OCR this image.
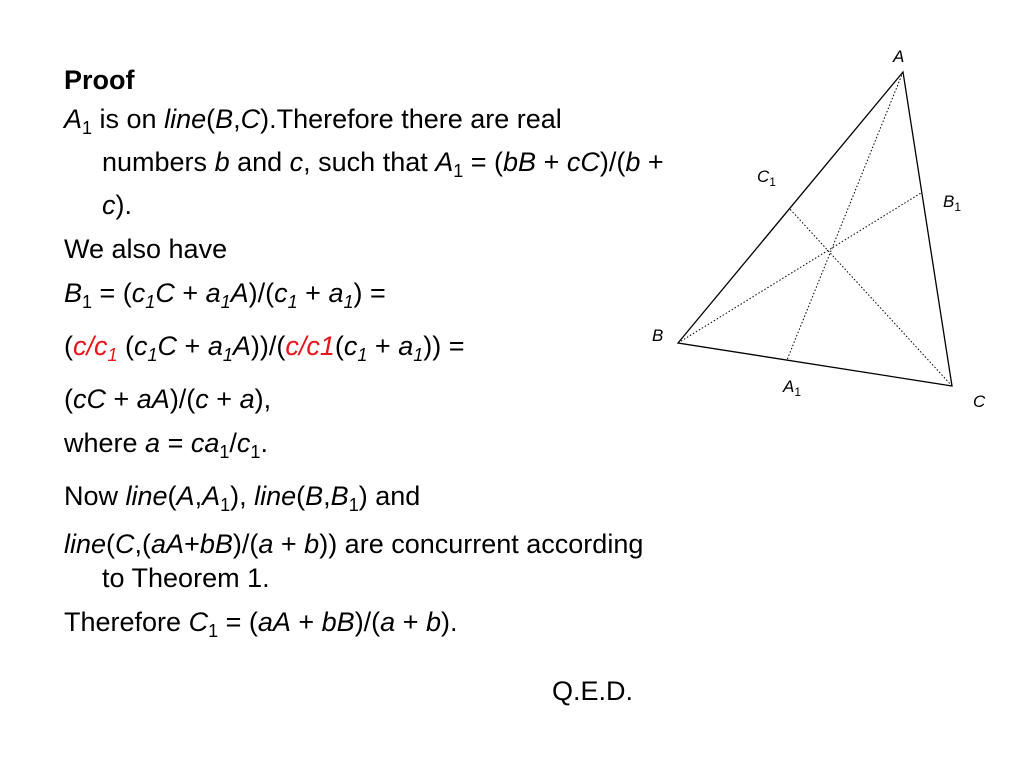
Proof
$A_1$ is on line(B,C).Therefore there are real numbers b and c, such that $A_1 = (bB + cC)/(b + c)$.
We also have
$B_1 = (c_1C + a_1A)/(c_1 + a_1)$ =
($c/c_1$ $(c_1C + a_1A))/(c/c1(c_1 + a_1))$ =
(cC + aA)/(c + a),
where $a = ca_1/c_1$.
Now $line(A,A_1)$, $line(B,B_1)$ and
line(C,(aA+bB)/(a + b)) are concurrent according to Theorem 1.
Therefore $C_1 = (aA + bB)/(a + b)$.
Q.E.D.
A
B
C
$A_1$
$B_1$
$C_1$
